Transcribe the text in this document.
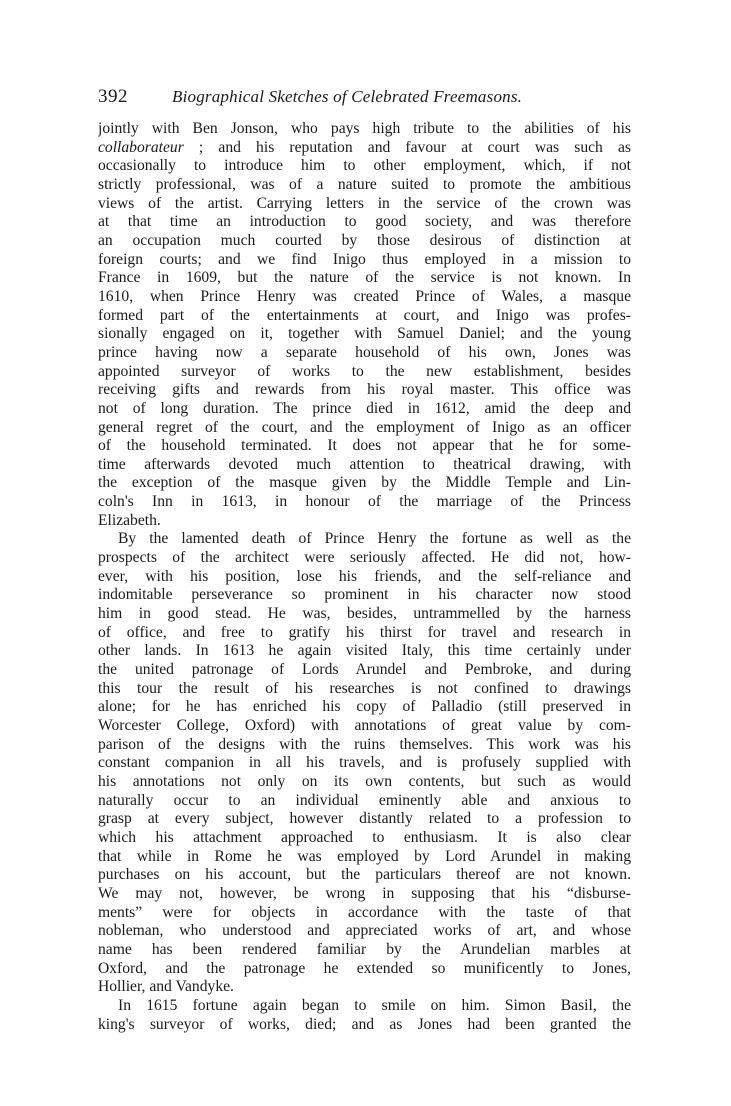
392	Biographical Sketches of Celebrated Freemasons.
jointly with Ben Jonson, who pays high tribute to the abilities of his
collaborateur ; and his reputation and favour at court was such as
occasionally to introduce him to other employment, which, if not
strictly professional, was of a nature suited to promote the ambitious
views of the artist. Carrying letters in the service of the crown was
at that time an introduction to good society, and was therefore
an occupation much courted by those desirous of distinction at
foreign courts; and we find Inigo thus employed in a mission to
France in 1609, but the nature of the service is not known. In
1610, when Prince Henry was created Prince of Wales, a masque
formed part of the entertainments at court, and Inigo was profes-
sionally engaged on it, together with Samuel Daniel; and the young
prince having now a separate household of his own, Jones was
appointed surveyor of works to the new establishment, besides
receiving gifts and rewards from his royal master. This office was
not of long duration. The prince died in 1612, amid the deep and
general regret of the court, and the employment of Inigo as an officer
of the household terminated. It does not appear that he for some-
time afterwards devoted much attention to theatrical drawing, with
the exception of the masque given by the Middle Temple and Lin-
coln's Inn in 1613, in honour of the marriage of the Princess
Elizabeth.
By the lamented death of Prince Henry the fortune as well as the
prospects of the architect were seriously affected. He did not, how-
ever, with his position, lose his friends, and the self-reliance and
indomitable perseverance so prominent in his character now stood
him in good stead. He was, besides, untrammelled by the harness
of office, and free to gratify his thirst for travel and research in
other lands. In 1613 he again visited Italy, this time certainly under
the united patronage of Lords Arundel and Pembroke, and during
this tour the result of his researches is not confined to drawings
alone; for he has enriched his copy of Palladio (still preserved in
Worcester College, Oxford) with annotations of great value by com-
parison of the designs with the ruins themselves. This work was his
constant companion in all his travels, and is profusely supplied with
his annotations not only on its own contents, but such as would
naturally occur to an individual eminently able and anxious to
grasp at every subject, however distantly related to a profession to
which his attachment approached to enthusiasm. It is also clear
that while in Rome he was employed by Lord Arundel in making
purchases on his account, but the particulars thereof are not known.
We may not, however, be wrong in supposing that his “disburse-
ments” were for objects in accordance with the taste of that
nobleman, who understood and appreciated works of art, and whose
name has been rendered familiar by the Arundelian marbles at
Oxford, and the patronage he extended so munificently to Jones,
Hollier, and Vandyke.
In 1615 fortune again began to smile on him. Simon Basil, the
king's surveyor of works, died; and as Jones had been granted the
